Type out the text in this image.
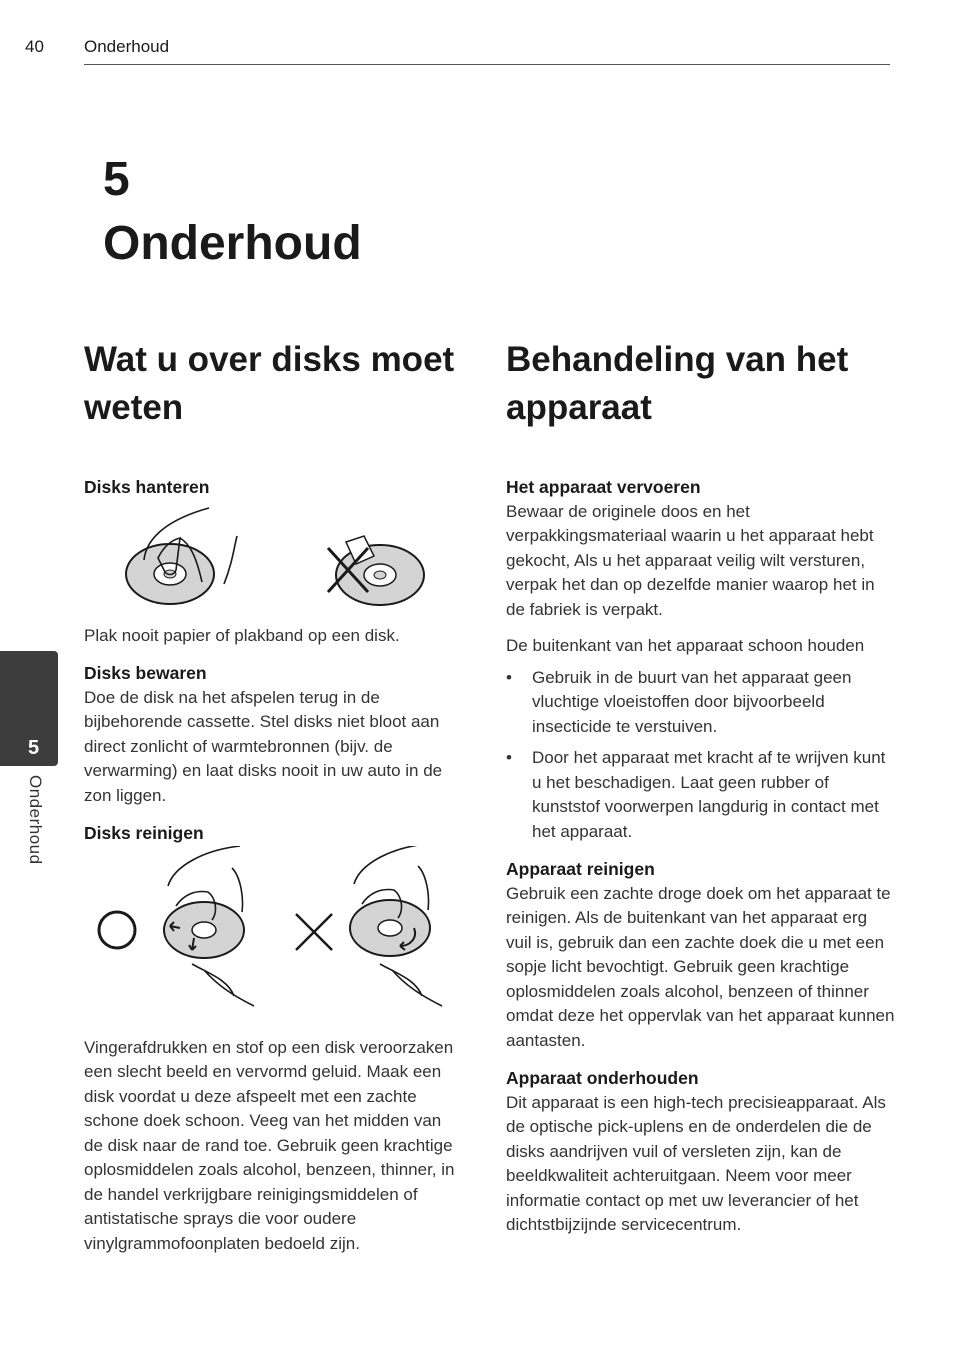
40 Onderhoud
5
Onderhoud
5
Onderhoud
Wat u over disks moet weten
Disks hanteren

Plak nooit papier of plakband op een disk.

Disks bewaren

Doe de disk na het afspelen terug in de bijbehorende cassette. Stel disks niet bloot aan direct zonlicht of warmtebronnen (bijv. de verwarming) en laat disks nooit in uw auto in de zon liggen.

Disks reinigen

Vingerafdrukken en stof op een disk veroorzaken een slecht beeld en vervormd geluid. Maak een disk voordat u deze afspeelt met een zachte schone doek schoon. Veeg van het midden van de disk naar de rand toe. Gebruik geen krachtige oplosmiddelen zoals alcohol, benzeen, thinner, in de handel verkrijgbare reinigingsmiddelen of antistatische sprays die voor oudere vinylgrammofoonplaten bedoeld zijn.

Behandeling van het apparaat
Het apparaat vervoeren

Bewaar de originele doos en het verpakkingsmateriaal waarin u het apparaat hebt gekocht, Als u het apparaat veilig wilt versturen, verpak het dan op dezelfde manier waarop het in de fabriek is verpakt.

De buitenkant van het apparaat schoon houden

• Gebruik in de buurt van het apparaat geen vluchtige vloeistoffen door bijvoorbeeld insecticide te verstuiven.
• Door het apparaat met kracht af te wrijven kunt u het beschadigen. Laat geen rubber of kunststof voorwerpen langdurig in contact met het apparaat.
Apparaat reinigen

Gebruik een zachte droge doek om het apparaat te reinigen. Als de buitenkant van het apparaat erg vuil is, gebruik dan een zachte doek die u met een sopje licht bevochtigt. Gebruik geen krachtige oplosmiddelen zoals alcohol, benzeen of thinner omdat deze het oppervlak van het apparaat kunnen aantasten.

Apparaat onderhouden

Dit apparaat is een high-tech precisieapparaat. Als de optische pick-uplens en de onderdelen die de disks aandrijven vuil of versleten zijn, kan de beeldkwaliteit achteruitgaan. Neem voor meer informatie contact op met uw leverancier of het dichtstbijzijnde servicecentrum.
